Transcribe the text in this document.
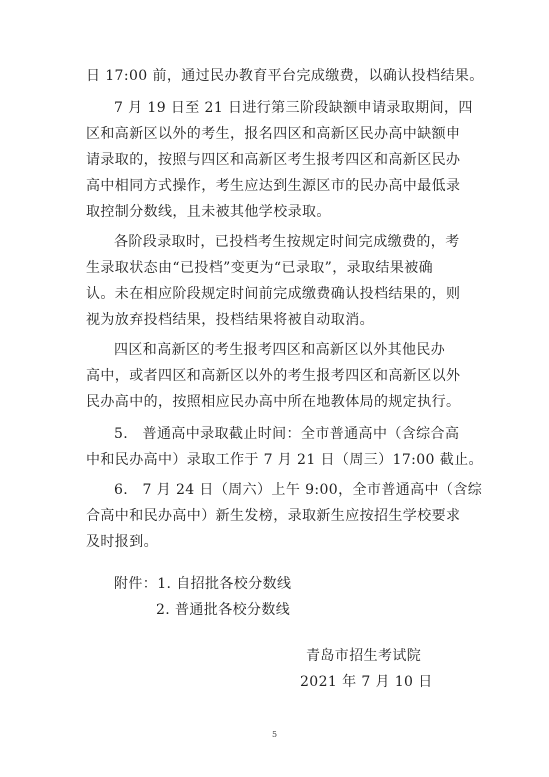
日 17:00 前，通过民办教育平台完成缴费，以确认投档结果。
7 月 19 日至 21 日进行第三阶段缺额申请录取期间，四
区和高新区以外的考生，报名四区和高新区民办高中缺额申
请录取的，按照与四区和高新区考生报考四区和高新区民办
高中相同方式操作，考生应达到生源区市的民办高中最低录
取控制分数线，且未被其他学校录取。
各阶段录取时，已投档考生按规定时间完成缴费的，考
生录取状态由“已投档”变更为“已录取”，录取结果被确
认。未在相应阶段规定时间前完成缴费确认投档结果的，则
视为放弃投档结果，投档结果将被自动取消。
四区和高新区的考生报考四区和高新区以外其他民办
高中，或者四区和高新区以外的考生报考四区和高新区以外
民办高中的，按照相应民办高中所在地教体局的规定执行。
5.　普通高中录取截止时间：全市普通高中（含综合高
中和民办高中）录取工作于 7 月 21 日（周三）17:00 截止。
6.　7 月 24 日（周六）上午 9:00，全市普通高中（含综
合高中和民办高中）新生发榜，录取新生应按招生学校要求
及时报到。
附件：1. 自招批各校分数线
2. 普通批各校分数线
青岛市招生考试院
2021 年 7 月 10 日
5
